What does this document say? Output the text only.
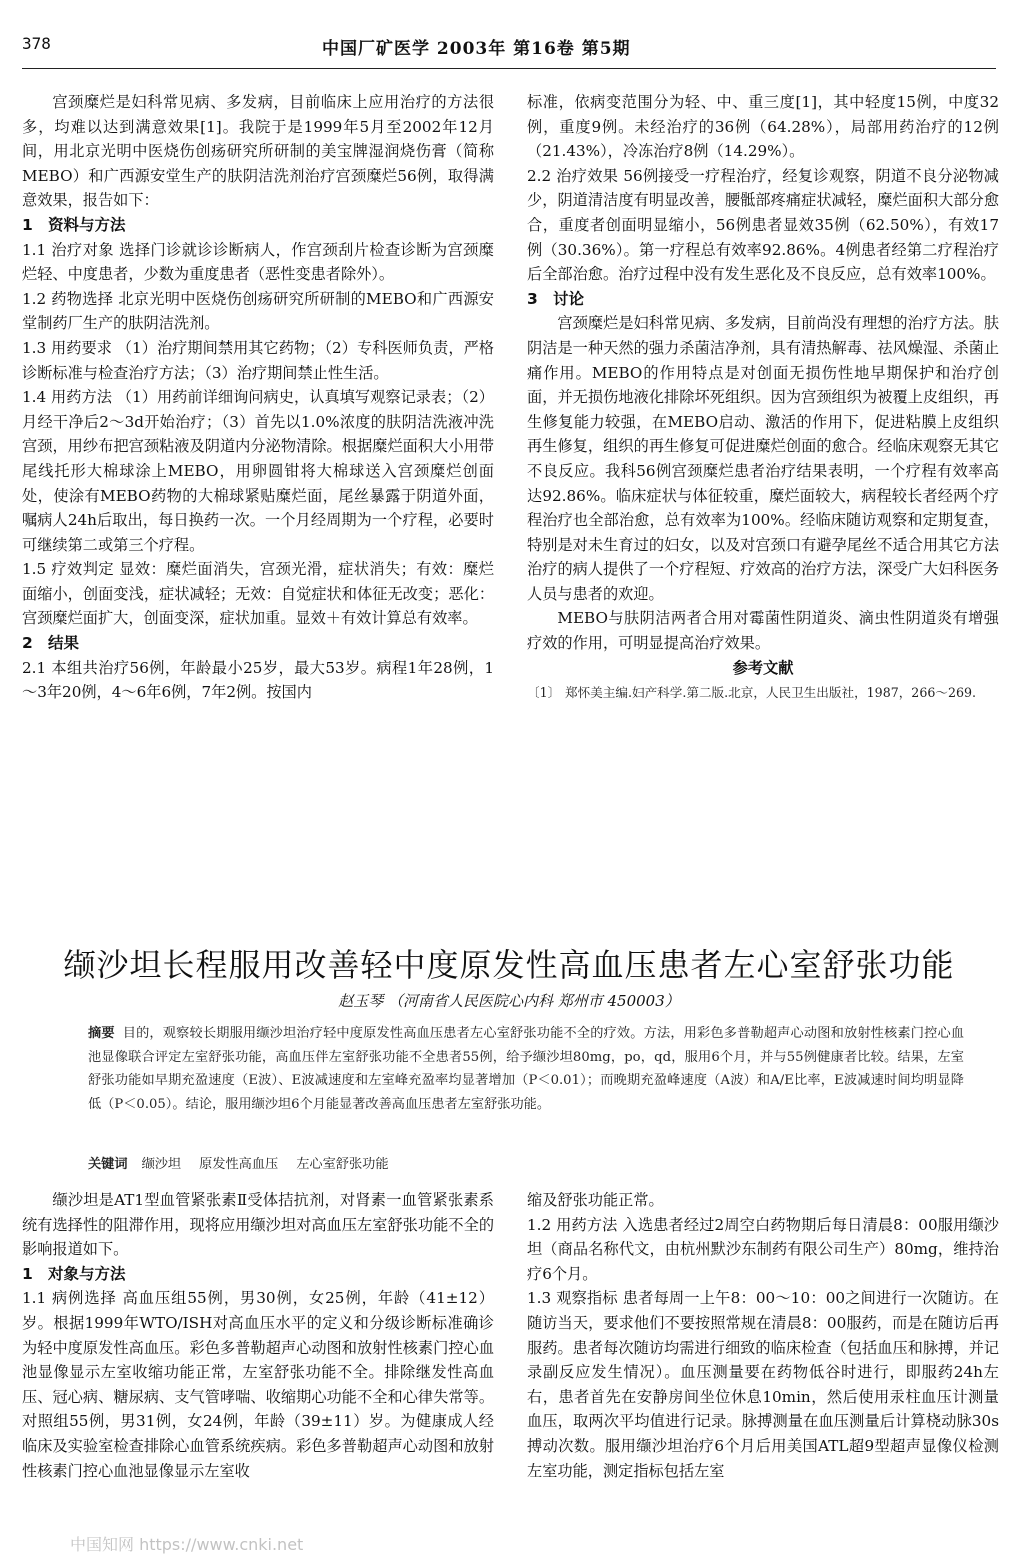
378	中国厂矿医学 2003年 第16卷 第5期

宫颈糜烂是妇科常见病、多发病，目前临床上应用治疗的方法很多，均难以达到满意效果[1]。我院于是1999年5月至2002年12月间，用北京光明中医烧伤创疡研究所研制的美宝牌湿润烧伤膏（简称MEBO）和广西源安堂生产的肤阴洁洗剂治疗宫颈糜烂56例，取得满意效果，报告如下：

1 资料与方法

1.1 治疗对象 选择门诊就诊诊断病人，作宫颈刮片检查诊断为宫颈糜烂轻、中度患者，少数为重度患者（恶性变患者除外）。

1.2 药物选择 北京光明中医烧伤创疡研究所研制的MEBO和广西源安堂制药厂生产的肤阴洁洗剂。

1.3 用药要求 （1）治疗期间禁用其它药物；（2）专科医师负责，严格诊断标准与检查治疗方法；（3）治疗期间禁止性生活。

1.4 用药方法 （1）用药前详细询问病史，认真填写观察记录表；（2）月经干净后2～3d开始治疗；（3）首先以1.0%浓度的肤阴洁洗液冲洗宫颈，用纱布把宫颈粘液及阴道内分泌物清除。根据糜烂面积大小用带尾线托形大棉球涂上MEBO，用卵圆钳将大棉球送入宫颈糜烂创面处，使涂有MEBO药物的大棉球紧贴糜烂面，尾丝暴露于阴道外面，嘱病人24h后取出，每日换药一次。一个月经周期为一个疗程，必要时可继续第二或第三个疗程。

1.5 疗效判定 显效：糜烂面消失，宫颈光滑，症状消失；有效：糜烂面缩小，创面变浅，症状减轻；无效：自觉症状和体征无改变；恶化：宫颈糜烂面扩大，创面变深，症状加重。显效＋有效计算总有效率。

2 结果

2.1 本组共治疗56例，年龄最小25岁，最大53岁。病程1年28例，1～3年20例，4～6年6例，7年2例。按国内

标准，依病变范围分为轻、中、重三度[1]，其中轻度15例，中度32例，重度9例。未经治疗的36例（64.28%），局部用药治疗的12例（21.43%），冷冻治疗8例（14.29%）。

2.2 治疗效果 56例接受一疗程治疗，经复诊观察，阴道不良分泌物减少，阴道清洁度有明显改善，腰骶部疼痛症状减轻，糜烂面积大部分愈合，重度者创面明显缩小，56例患者显效35例（62.50%），有效17例（30.36%）。第一疗程总有效率92.86%。4例患者经第二疗程治疗后全部治愈。治疗过程中没有发生恶化及不良反应，总有效率100%。

3 讨论

宫颈糜烂是妇科常见病、多发病，目前尚没有理想的治疗方法。肤阴洁是一种天然的强力杀菌洁净剂，具有清热解毒、祛风燥湿、杀菌止痛作用。MEBO的作用特点是对创面无损伤性地早期保护和治疗创面，并无损伤地液化排除坏死组织。因为宫颈组织为被覆上皮组织，再生修复能力较强，在MEBO启动、激活的作用下，促进粘膜上皮组织再生修复，组织的再生修复可促进糜烂创面的愈合。经临床观察无其它不良反应。我科56例宫颈糜烂患者治疗结果表明，一个疗程有效率高达92.86%。临床症状与体征较重，糜烂面较大，病程较长者经两个疗程治疗也全部治愈，总有效率为100%。经临床随访观察和定期复查，特别是对未生育过的妇女，以及对宫颈口有避孕尾丝不适合用其它方法治疗的病人提供了一个疗程短、疗效高的治疗方法，深受广大妇科医务人员与患者的欢迎。

MEBO与肤阴洁两者合用对霉菌性阴道炎、滴虫性阴道炎有增强疗效的作用，可明显提高治疗效果。

参考文献
〔1〕 郑怀美主编.妇产科学.第二版.北京，人民卫生出版社，1987，266～269.
缬沙坦长程服用改善轻中度原发性高血压患者左心室舒张功能
赵玉琴 （河南省人民医院心内科 郑州市 450003）
摘要 目的，观察较长期服用缬沙坦治疗轻中度原发性高血压患者左心室舒张功能不全的疗效。方法，用彩色多普勒超声心动图和放射性核素门控心血池显像联合评定左室舒张功能，高血压伴左室舒张功能不全患者55例，给予缬沙坦80mg，po，qd，服用6个月，并与55例健康者比较。结果，左室舒张功能如早期充盈速度（E波）、E波减速度和左室峰充盈率均显著增加（P＜0.01）；而晚期充盈峰速度（A波）和A/E比率，E波减速时间均明显降低（P＜0.05）。结论，服用缬沙坦6个月能显著改善高血压患者左室舒张功能。
关键词 缬沙坦 原发性高血压 左心室舒张功能

缬沙坦是AT1型血管紧张素Ⅱ受体拮抗剂，对肾素一血管紧张素系统有选择性的阻滞作用，现将应用缬沙坦对高血压左室舒张功能不全的影响报道如下。

1 对象与方法

1.1 病例选择 高血压组55例，男30例，女25例，年龄（41±12）岁。根据1999年WTO/ISH对高血压水平的定义和分级诊断标准确诊为轻中度原发性高血压。彩色多普勒超声心动图和放射性核素门控心血池显像显示左室收缩功能正常，左室舒张功能不全。排除继发性高血压、冠心病、糖尿病、支气管哮喘、收缩期心功能不全和心律失常等。对照组55例，男31例，女24例，年龄（39±11）岁。为健康成人经临床及实验室检查排除心血管系统疾病。彩色多普勒超声心动图和放射性核素门控心血池显像显示左室收

缩及舒张功能正常。

1.2 用药方法 入选患者经过2周空白药物期后每日清晨8：00服用缬沙坦（商品名称代文，由杭州默沙东制药有限公司生产）80mg，维持治疗6个月。

1.3 观察指标 患者每周一上午8：00～10：00之间进行一次随访。在随访当天，要求他们不要按照常规在清晨8：00服药，而是在随访后再服药。患者每次随访均需进行细致的临床检查（包括血压和脉搏，并记录副反应发生情况）。血压测量要在药物低谷时进行，即服药24h左右，患者首先在安静房间坐位休息10min，然后使用汞柱血压计测量血压，取两次平均值进行记录。脉搏测量在血压测量后计算桡动脉30s搏动次数。服用缬沙坦治疗6个月后用美国ATL超9型超声显像仪检测左室功能，测定指标包括左室

中国知网 https://www.cnki.net
